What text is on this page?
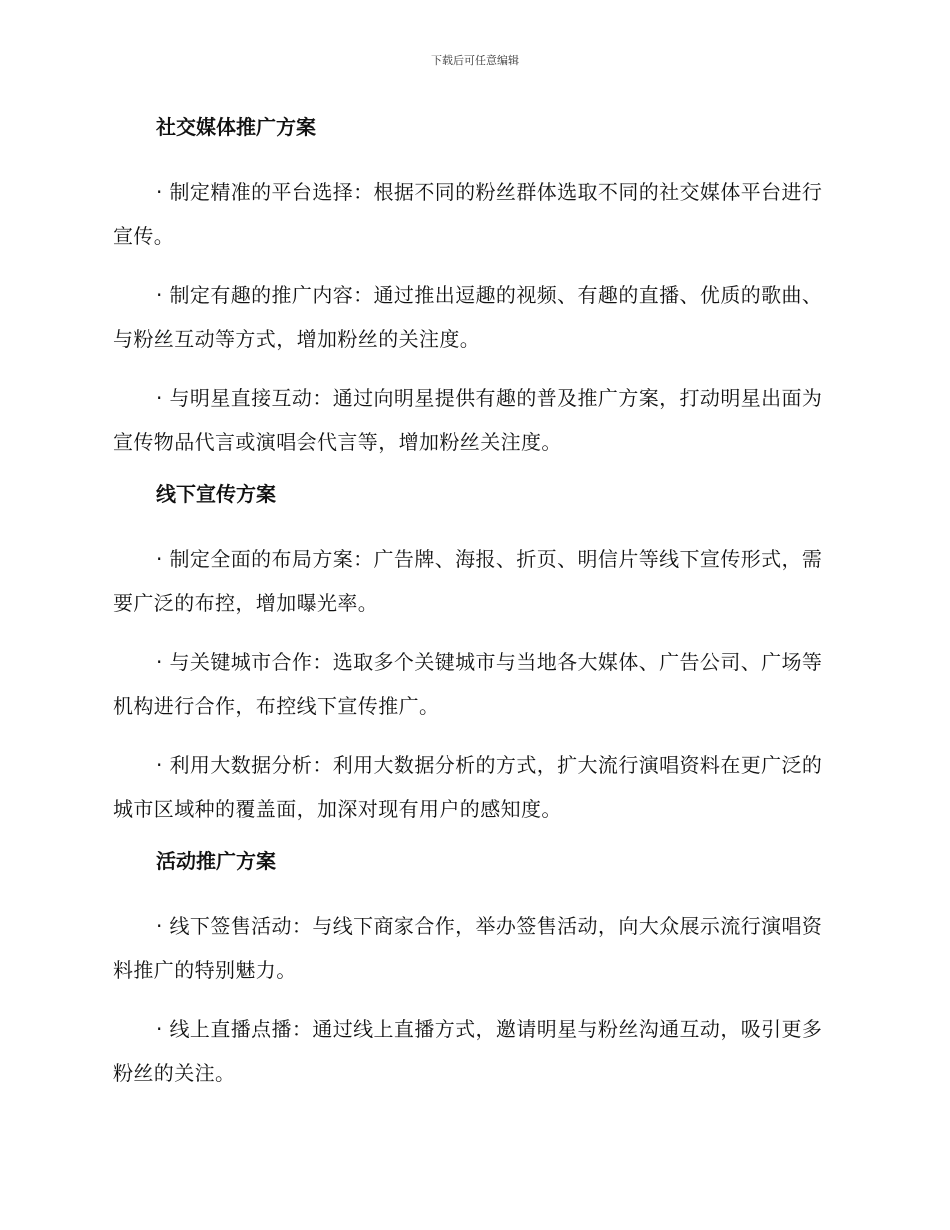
下载后可任意编辑
社交媒体推广方案

· 制定精准的平台选择：根据不同的粉丝群体选取不同的社交媒体平台进行宣传。

· 制定有趣的推广内容：通过推出逗趣的视频、有趣的直播、优质的歌曲、与粉丝互动等方式，增加粉丝的关注度。

· 与明星直接互动：通过向明星提供有趣的普及推广方案，打动明星出面为宣传物品代言或演唱会代言等，增加粉丝关注度。

线下宣传方案

· 制定全面的布局方案：广告牌、海报、折页、明信片等线下宣传形式，需要广泛的布控，增加曝光率。

· 与关键城市合作：选取多个关键城市与当地各大媒体、广告公司、广场等机构进行合作，布控线下宣传推广。

· 利用大数据分析：利用大数据分析的方式，扩大流行演唱资料在更广泛的城市区域种的覆盖面，加深对现有用户的感知度。

活动推广方案

· 线下签售活动：与线下商家合作，举办签售活动，向大众展示流行演唱资料推广的特别魅力。

· 线上直播点播：通过线上直播方式，邀请明星与粉丝沟通互动，吸引更多粉丝的关注。
